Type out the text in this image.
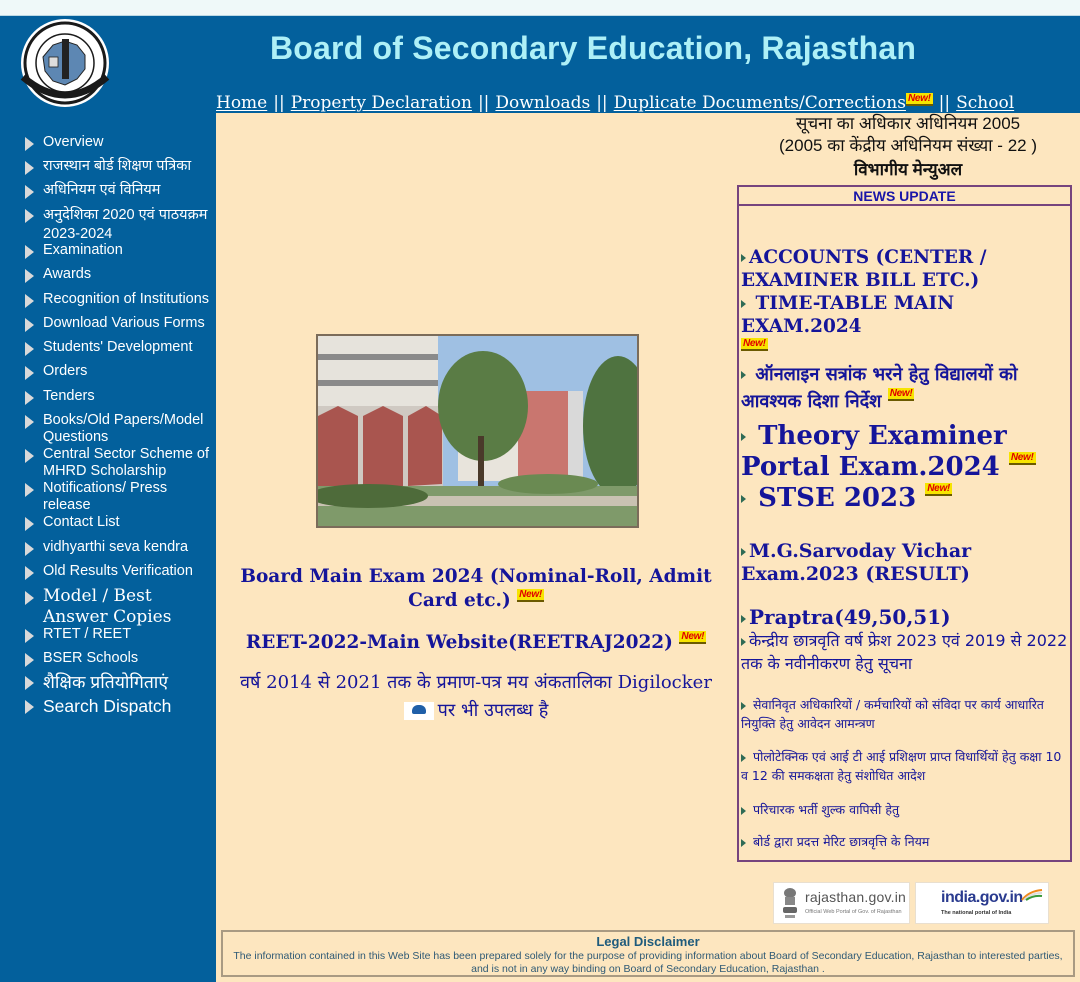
Board of Secondary Education, Rajasthan
Home || Property Declaration || Downloads || Duplicate Documents/Corrections New! || School
Overview
राजस्थान बोर्ड शिक्षण पत्रिका
अधिनियम एवं विनियम
अनुदेशिका 2020 एवं पाठयक्रम 2023-2024
Examination
Awards
Recognition of Institutions
Download Various Forms
Students' Development
Orders
Tenders
Books/Old Papers/Model Questions
Central Sector Scheme of MHRD Scholarship
Notifications/ Press release
Contact List
vidhyarthi seva kendra
Old Results Verification
Model / Best Answer Copies
RTET / REET
BSER Schools
शैक्षिक प्रतियोगिताएं
Search Dispatch
Board Main Exam 2024 (Nominal-Roll, Admit Card etc.) New!
REET-2022-Main Website(REETRAJ2022) New!
वर्ष 2014 से 2021 तक के प्रमाण-पत्र मय अंकतालिका Digilocker
पर भी उपलब्ध है
सूचना का अधिकार अधिनियम 2005
(2005 का केंद्रीय अधिनियम संख्या - 22 )
विभागीय मेन्युअल
NEWS UPDATE
ACCOUNTS (CENTER / EXAMINER BILL ETC.)
TIME-TABLE MAIN EXAM.2024
New!
ऑनलाइन सत्रांक भरने हेतु विद्यालयों को आवश्यक दिशा निर्देश New!
Theory Examiner Portal Exam.2024 New!
STSE 2023 New!
M.G.Sarvoday Vichar Exam.2023 (RESULT)
Praptra(49,50,51)
केन्द्रीय छात्रवृति वर्ष फ्रेश 2023 एवं 2019 से 2022 तक के नवीनीकरण हेतु सूचना
सेवानिवृत अधिकारियों / कर्मचारियों को संविदा पर कार्य आधारित नियुक्ति हेतु आवेदन आमन्त्रण
पोलोटेक्निक एवं आई टी आई प्रशिक्षण प्राप्त विधार्थियों हेतु कक्षा 10 व 12 की समकक्षता हेतु संशोधित आदेश
परिचारक भर्ती शुल्क वापिसी हेतु
बोर्ड द्वारा प्रदत्त मेरिट छात्रवृत्ति के नियम
rajasthan.gov.in
Official Web Portal of Gov. of Rajasthan
india.gov.in
The national portal of India
Legal Disclaimer
The information contained in this Web Site has been prepared solely for the purpose of providing information about Board of Secondary Education, Rajasthan to interested parties, and is not in any way binding on Board of Secondary Education, Rajasthan .
